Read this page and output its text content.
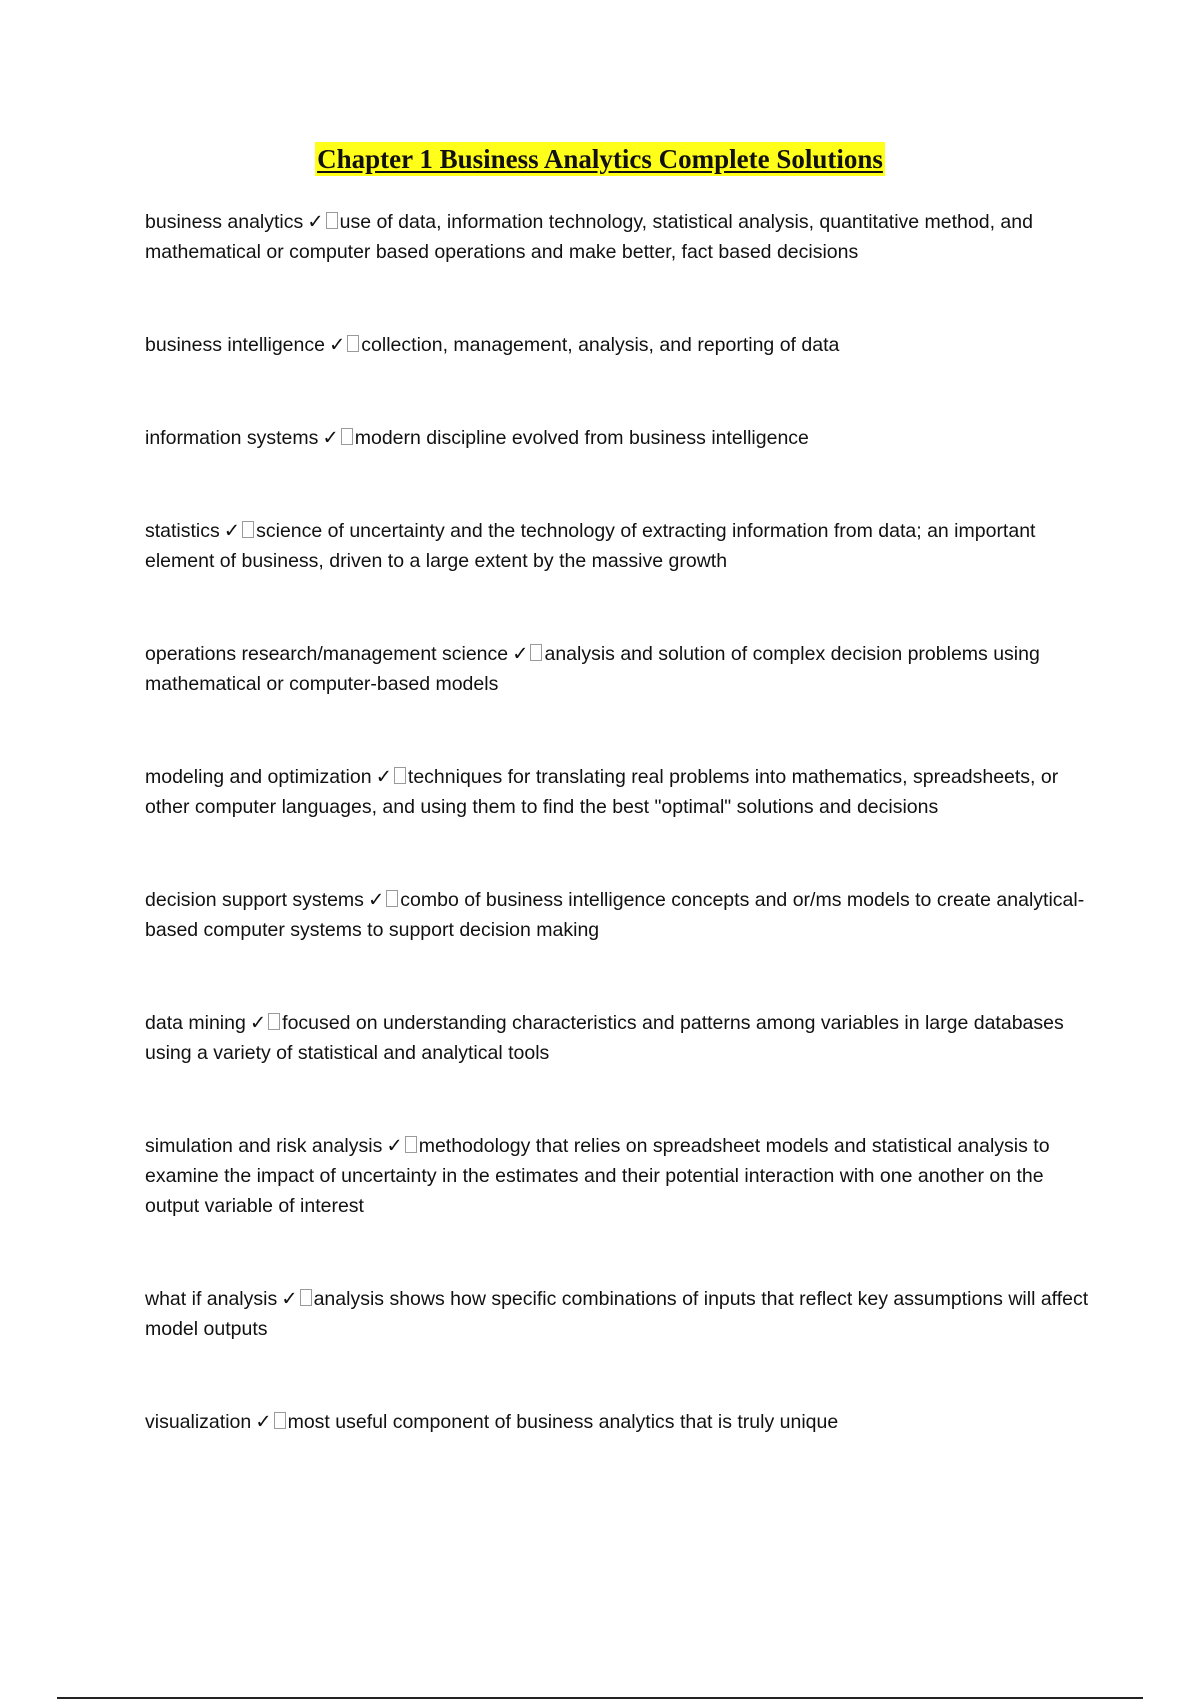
Chapter 1 Business Analytics Complete Solutions

business analytics ✓ use of data, information technology, statistical analysis, quantitative method, and mathematical or computer based operations and make better, fact based decisions

business intelligence ✓ collection, management, analysis, and reporting of data

information systems ✓ modern discipline evolved from business intelligence

statistics ✓ science of uncertainty and the technology of extracting information from data; an important element of business, driven to a large extent by the massive growth

operations research/management science ✓ analysis and solution of complex decision problems using mathematical or computer-based models

modeling and optimization ✓ techniques for translating real problems into mathematics, spreadsheets, or other computer languages, and using them to find the best "optimal" solutions and decisions

decision support systems ✓ combo of business intelligence concepts and or/ms models to create analytical-based computer systems to support decision making

data mining ✓ focused on understanding characteristics and patterns among variables in large databases using a variety of statistical and analytical tools

simulation and risk analysis ✓ methodology that relies on spreadsheet models and statistical analysis to examine the impact of uncertainty in the estimates and their potential interaction with one another on the output variable of interest

what if analysis ✓ analysis shows how specific combinations of inputs that reflect key assumptions will affect model outputs

visualization ✓ most useful component of business analytics that is truly unique
